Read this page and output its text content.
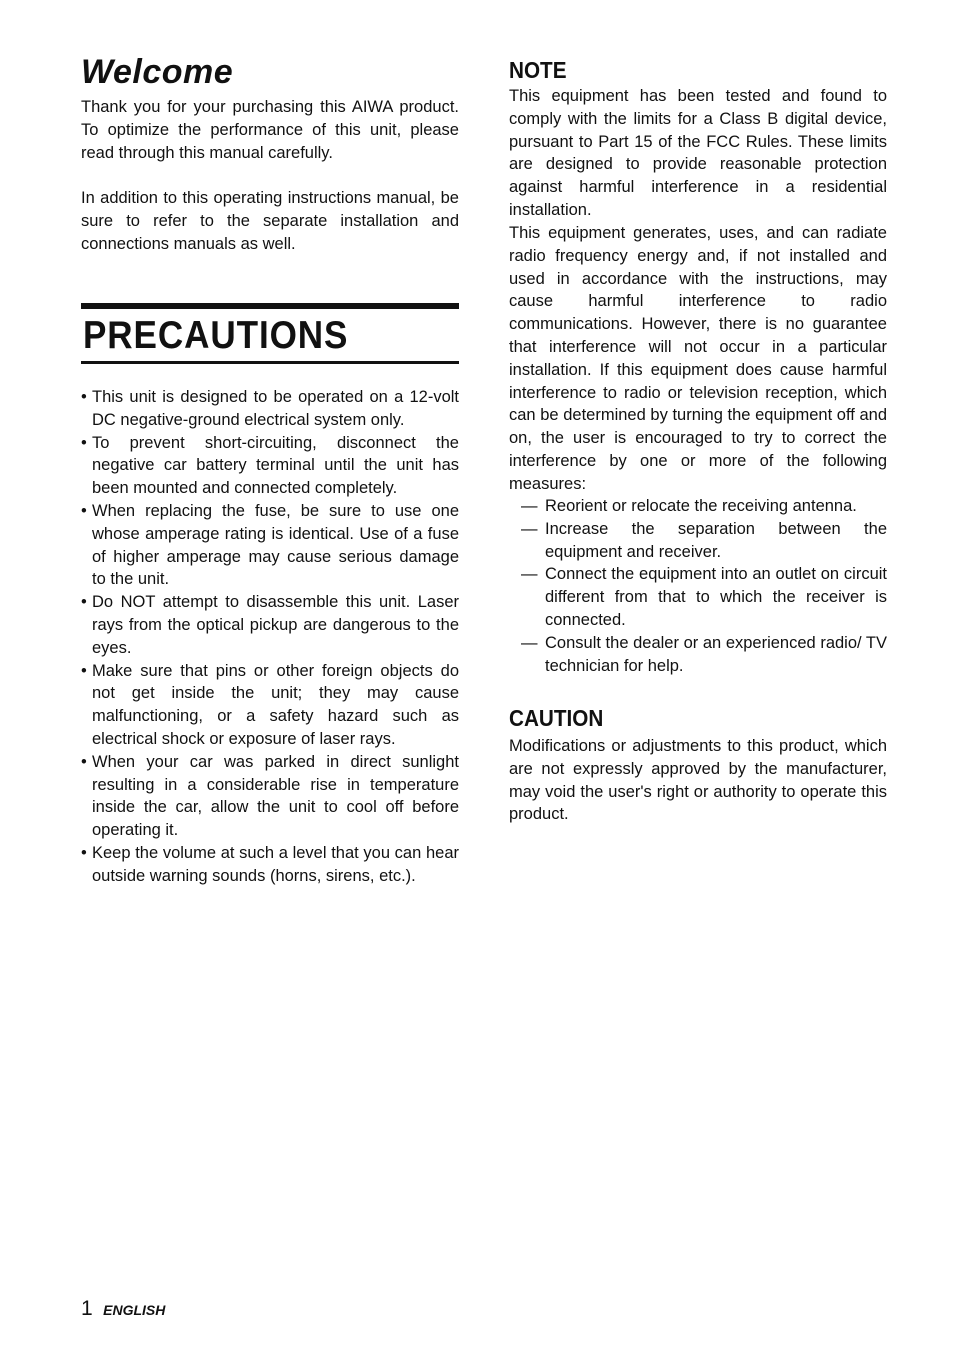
Welcome

Thank you for your purchasing this AIWA product. To optimize the performance of this unit, please read through this manual carefully.

In addition to this operating instructions manual, be sure to refer to the separate installation and connections manuals as well.

PRECAUTIONS
• This unit is designed to be operated on a 12-volt DC negative-ground electrical system only.
• To prevent short-circuiting, disconnect the negative car battery terminal until the unit has been mounted and connected completely.
• When replacing the fuse, be sure to use one whose amperage rating is identical. Use of a fuse of higher amperage may cause serious damage to the unit.
• Do NOT attempt to disassemble this unit. Laser rays from the optical pickup are dangerous to the eyes.
• Make sure that pins or other foreign objects do not get inside the unit; they may cause malfunctioning, or a safety hazard such as electrical shock or exposure of laser rays.
• When your car was parked in direct sunlight resulting in a considerable rise in temperature inside the car, allow the unit to cool off before operating it.
• Keep the volume at such a level that you can hear outside warning sounds (horns, sirens, etc.).
NOTE

This equipment has been tested and found to comply with the limits for a Class B digital device, pursuant to Part 15 of the FCC Rules. These limits are designed to provide reasonable protection against harmful interference in a residential installation.

This equipment generates, uses, and can radiate radio frequency energy and, if not installed and used in accordance with the instructions, may cause harmful interference to radio communications. However, there is no guarantee that interference will not occur in a particular installation. If this equipment does cause harmful interference to radio or television reception, which can be determined by turning the equipment off and on, the user is encouraged to try to correct the interference by one or more of the following measures:

— Reorient or relocate the receiving antenna.
— Increase the separation between the equipment and receiver.
— Connect the equipment into an outlet on circuit different from that to which the receiver is connected.
— Consult the dealer or an experienced radio/ TV technician for help.
CAUTION

Modifications or adjustments to this product, which are not expressly approved by the manufacturer, may void the user's right or authority to operate this product.

1 ENGLISH
